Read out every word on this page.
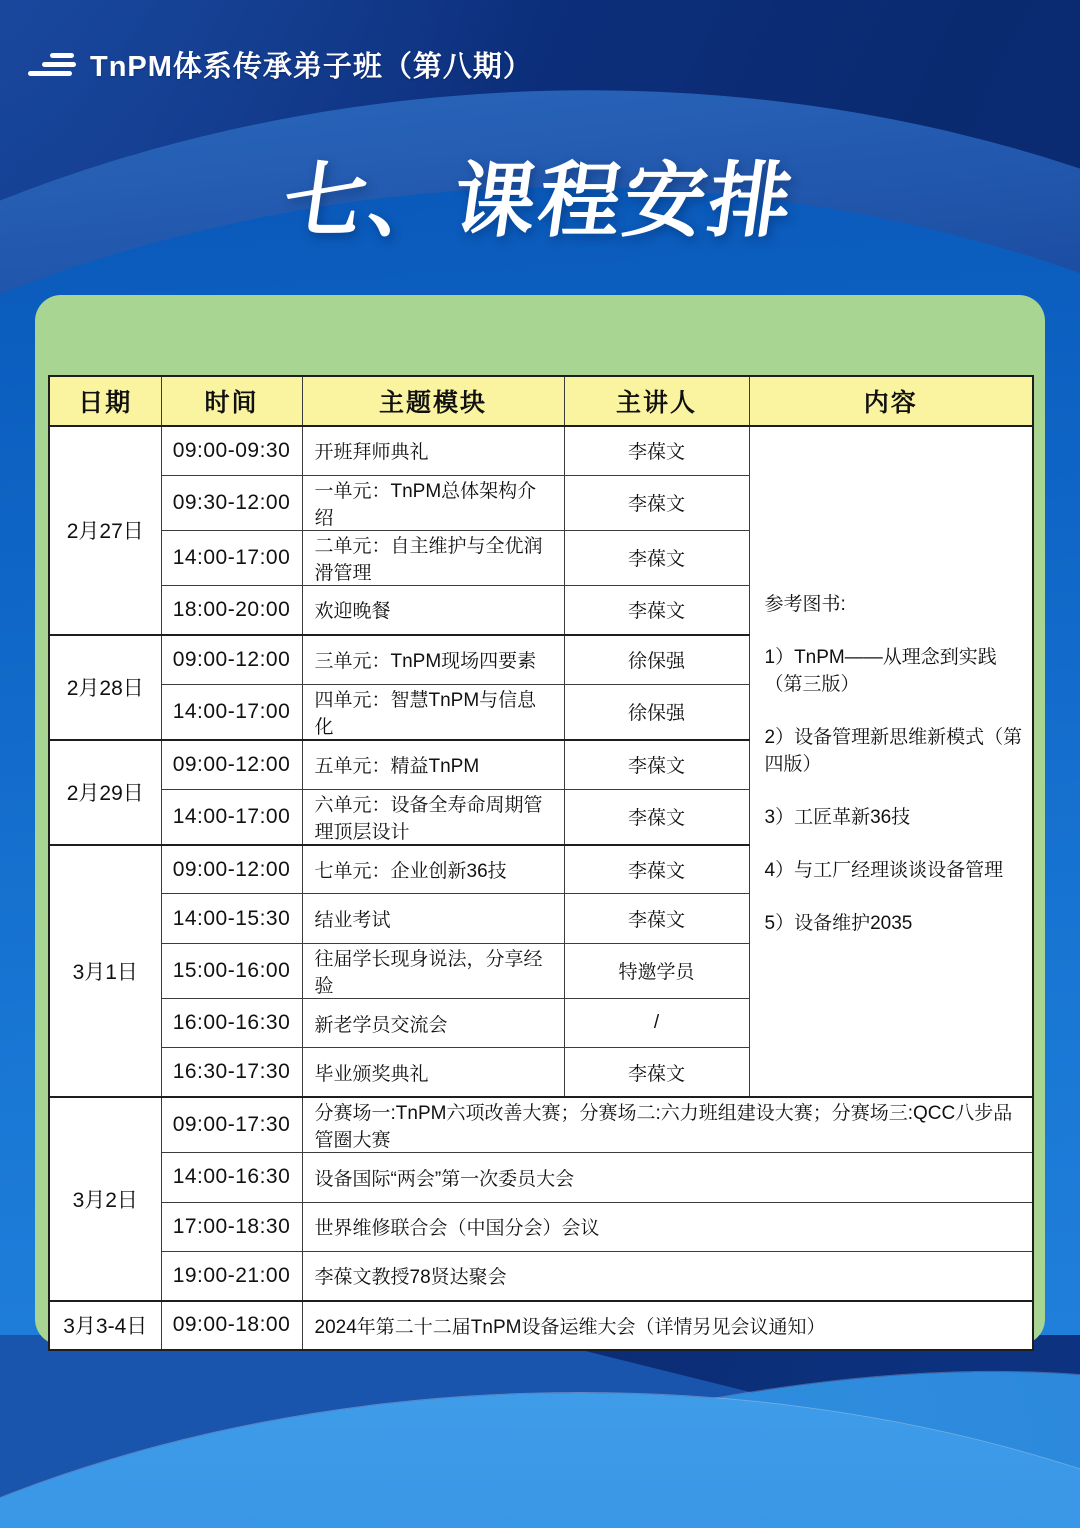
TnPM体系传承弟子班（第八期）
七、课程安排
日期	时间	主题模块	主讲人	内容
2月27日	09:00-09:30	开班拜师典礼	李葆文	
参考图书:
1）TnPM——从理念到实践（第三版）
2）设备管理新思维新模式（第四版）
3）工匠革新36技
4）与工厂经理谈谈设备管理
5）设备维护2035

	09:30-12:00	一单元：TnPM总体架构介绍	李葆文	
	14:00-17:00	二单元：自主维护与全优润滑管理	李葆文	
	18:00-20:00	欢迎晚餐	李葆文	
2月28日	09:00-12:00	三单元：TnPM现场四要素	徐保强	
	14:00-17:00	四单元：智慧TnPM与信息化	徐保强	
2月29日	09:00-12:00	五单元：精益TnPM	李葆文	
	14:00-17:00	六单元：设备全寿命周期管理顶层设计	李葆文	
3月1日	09:00-12:00	七单元：企业创新36技	李葆文	
	14:00-15:30	结业考试	李葆文	
	15:00-16:00	往届学长现身说法，分享经验	特邀学员	
	16:00-16:30	新老学员交流会	/	
	16:30-17:30	毕业颁奖典礼	李葆文	
3月2日	09:00-17:30	分赛场一:TnPM六项改善大赛；分赛场二:六力班组建设大赛；分赛场三:QCC八步品管圈大赛		
	14:00-16:30	设备国际“两会”第一次委员大会		
	17:00-18:30	世界维修联合会（中国分会）会议		
	19:00-21:00	李葆文教授78贤达聚会		
3月3-4日	09:00-18:00	2024年第二十二届TnPM设备运维大会（详情另见会议通知）		
